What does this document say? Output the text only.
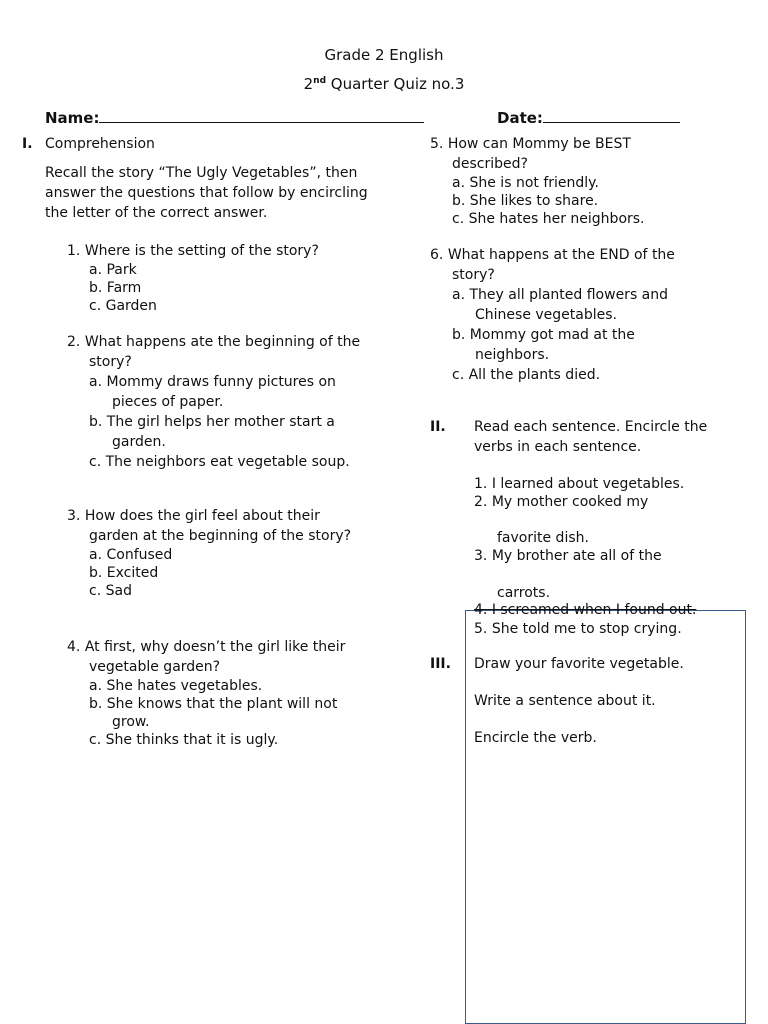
Grade 2 English
2nd Quarter Quiz no.3
Name:	Date:
I. Comprehension
Recall the story “The Ugly Vegetables”, then answer the questions that follow by encircling the letter of the correct answer.
1. Where is the setting of the story?
a. Park
b. Farm
c. Garden
2. What happens ate the beginning of the story?
a. Mommy draws funny pictures on pieces of paper.
b. The girl helps her mother start a garden.
c. The neighbors eat vegetable soup.
3. How does the girl feel about their garden at the beginning of the story?
a. Confused
b. Excited
c. Sad
4. At first, why doesn’t the girl like their vegetable garden?
a. She hates vegetables.
b. She knows that the plant will not grow.
c. She thinks that it is ugly.
5. How can Mommy be BEST described?
a. She is not friendly.
b. She likes to share.
c. She hates her neighbors.
6. What happens at the END of the story?
a. They all planted flowers and Chinese vegetables.
b. Mommy got mad at the neighbors.
c. All the plants died.
II. Read each sentence. Encircle the verbs in each sentence.
1. I learned about vegetables.
2. My mother cooked my
favorite dish.
3. My brother ate all of the
carrots.
4. I screamed when I found out.
5. She told me to stop crying.
III. Draw your favorite vegetable.
Write a sentence about it.
Encircle the verb.
